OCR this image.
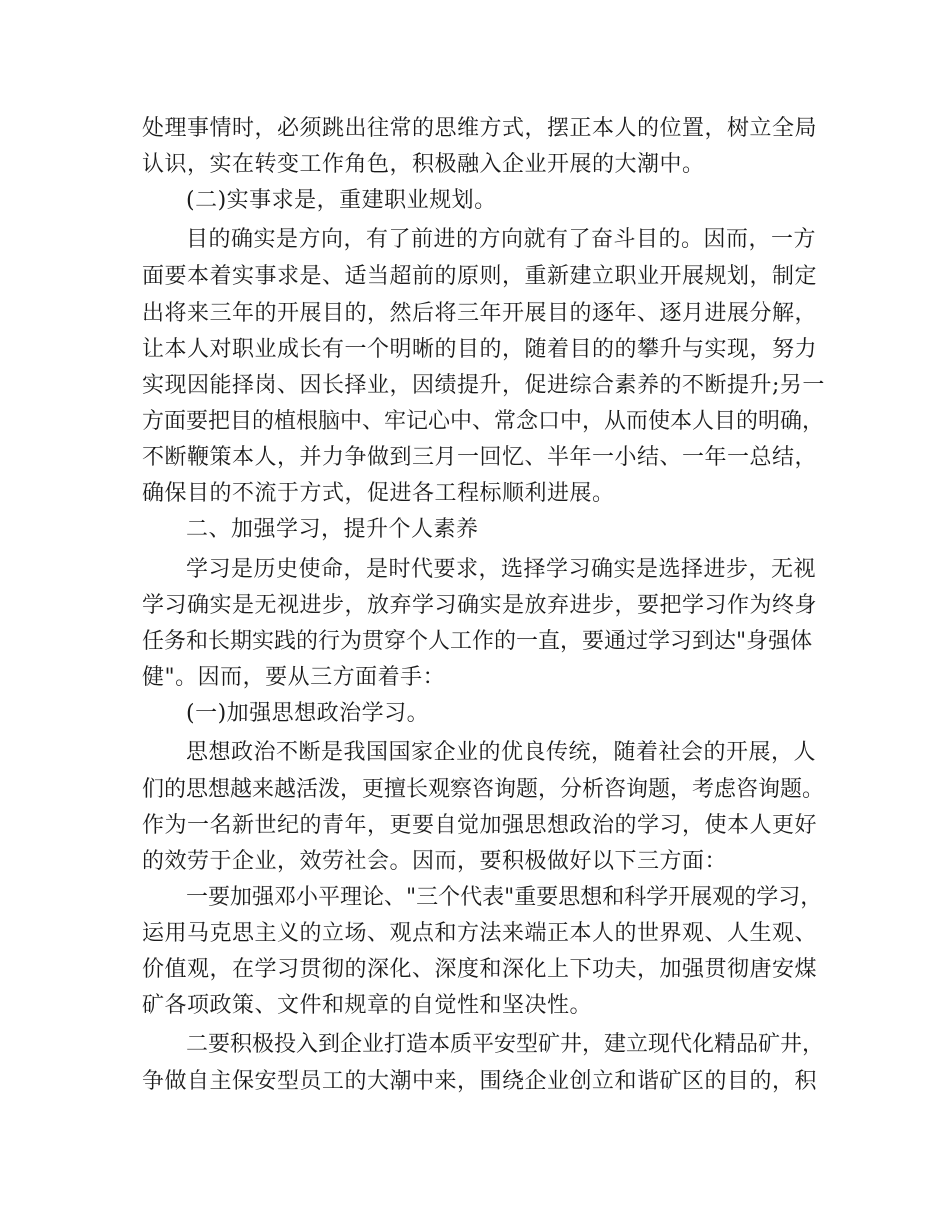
处理事情时，必须跳出往常的思维方式，摆正本人的位置，树立全局

认识，实在转变工作角色，积极融入企业开展的大潮中。

(二)实事求是，重建职业规划。

目的确实是方向，有了前进的方向就有了奋斗目的。因而，一方

面要本着实事求是、适当超前的原则，重新建立职业开展规划，制定

出将来三年的开展目的，然后将三年开展目的逐年、逐月进展分解，

让本人对职业成长有一个明晰的目的，随着目的的攀升与实现，努力

实现因能择岗、因长择业，因绩提升，促进综合素养的不断提升;另一

方面要把目的植根脑中、牢记心中、常念口中，从而使本人目的明确，

不断鞭策本人，并力争做到三月一回忆、半年一小结、一年一总结，

确保目的不流于方式，促进各工程标顺利进展。

二、加强学习，提升个人素养

学习是历史使命，是时代要求，选择学习确实是选择进步，无视

学习确实是无视进步，放弃学习确实是放弃进步，要把学习作为终身

任务和长期实践的行为贯穿个人工作的一直，要通过学习到达"身强体

健"。因而，要从三方面着手：

(一)加强思想政治学习。

思想政治不断是我国国家企业的优良传统，随着社会的开展，人

们的思想越来越活泼，更擅长观察咨询题，分析咨询题，考虑咨询题。

作为一名新世纪的青年，更要自觉加强思想政治的学习，使本人更好

的效劳于企业，效劳社会。因而，要积极做好以下三方面：

一要加强邓小平理论、"三个代表"重要思想和科学开展观的学习，

运用马克思主义的立场、观点和方法来端正本人的世界观、人生观、

价值观，在学习贯彻的深化、深度和深化上下功夫，加强贯彻唐安煤

矿各项政策、文件和规章的自觉性和坚决性。

二要积极投入到企业打造本质平安型矿井，建立现代化精品矿井，

争做自主保安型员工的大潮中来，围绕企业创立和谐矿区的目的，积
